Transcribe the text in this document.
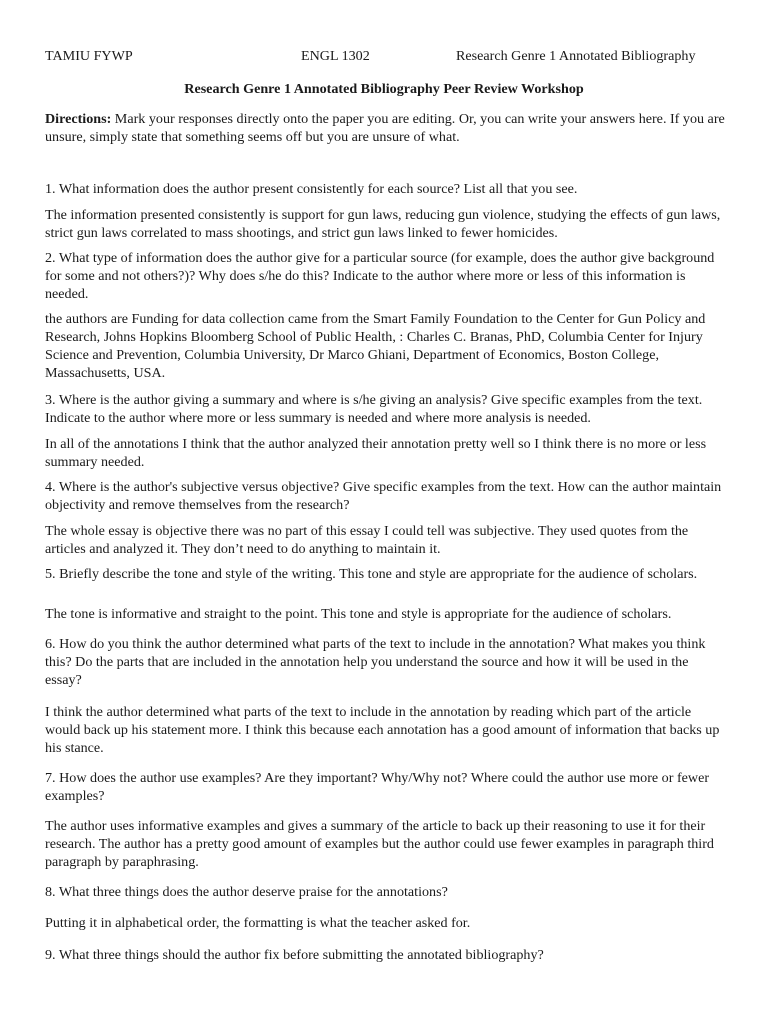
TAMIU FYWP	ENGL 1302	Research Genre 1 Annotated Bibliography
Research Genre 1 Annotated Bibliography Peer Review Workshop

Directions: Mark your responses directly onto the paper you are editing. Or, you can write your answers here. If you are unsure, simply state that something seems off but you are unsure of what.

1. What information does the author present consistently for each source? List all that you see.

The information presented consistently is support for gun laws, reducing gun violence, studying the effects of gun laws, strict gun laws correlated to mass shootings, and strict gun laws linked to fewer homicides.

2. What type of information does the author give for a particular source (for example, does the author give background for some and not others?)? Why does s/he do this? Indicate to the author where more or less of this information is needed.

the authors are Funding for data collection came from the Smart Family Foundation to the Center for Gun Policy and Research, Johns Hopkins Bloomberg School of Public Health, : Charles C. Branas, PhD, Columbia Center for Injury Science and Prevention, Columbia University, Dr Marco Ghiani, Department of Economics, Boston College, Massachusetts, USA.

3. Where is the author giving a summary and where is s/he giving an analysis? Give specific examples from the text. Indicate to the author where more or less summary is needed and where more analysis is needed.

In all of the annotations I think that the author analyzed their annotation pretty well so I think there is no more or less summary needed.

4. Where is the author's subjective versus objective? Give specific examples from the text. How can the author maintain objectivity and remove themselves from the research?

The whole essay is objective there was no part of this essay I could tell was subjective. They used quotes from the articles and analyzed it. They don’t need to do anything to maintain it.

5. Briefly describe the tone and style of the writing. This tone and style are appropriate for the audience of scholars.

The tone is informative and straight to the point. This tone and style is appropriate for the audience of scholars.

6. How do you think the author determined what parts of the text to include in the annotation? What makes you think this? Do the parts that are included in the annotation help you understand the source and how it will be used in the essay?

I think the author determined what parts of the text to include in the annotation by reading which part of the article would back up his statement more. I think this because each annotation has a good amount of information that backs up his stance.

7. How does the author use examples? Are they important? Why/Why not? Where could the author use more or fewer examples?

The author uses informative examples and gives a summary of the article to back up their reasoning to use it for their research. The author has a pretty good amount of examples but the author could use fewer examples in paragraph third paragraph by paraphrasing.

8. What three things does the author deserve praise for the annotations?

Putting it in alphabetical order, the formatting is what the teacher asked for.

9. What three things should the author fix before submitting the annotated bibliography?
